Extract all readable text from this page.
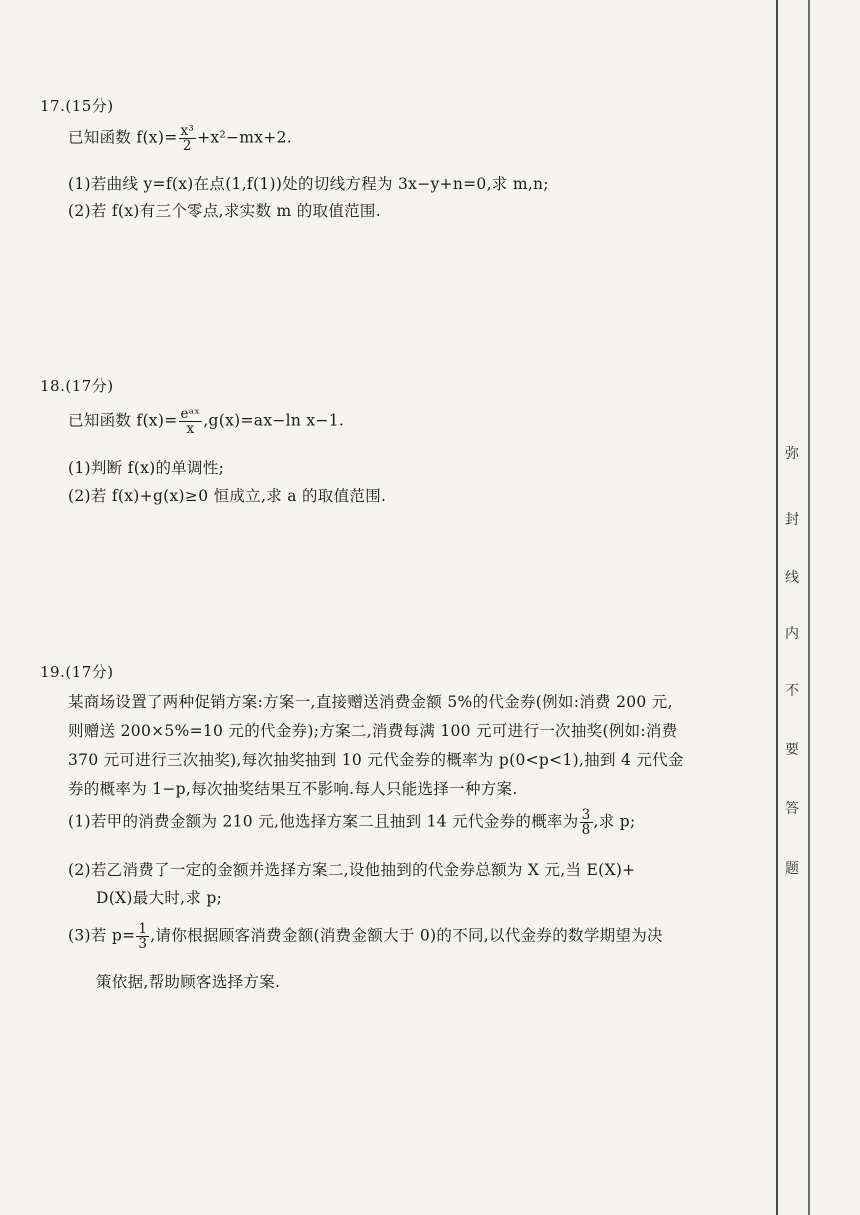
17.(15分)
已知函数 $f(x)= \frac{\text{x³}}{2} +x^2-mx+2$.
(1)若曲线 y=f(x)在点(1,f(1))处的切线方程为 3x−y+n=0,求 m,n;
(2)若 f(x)有三个零点,求实数 m 的取值范围.
18.(17分)
已知函数 $f(x)= \frac{\text{eᵃˣ}}{x} ,g(x)=ax-\ln$ x−1.
(1)判断 f(x)的单调性;
(2)若 f(x)+g(x)≥0 恒成立,求 a 的取值范围.
19.(17分)
某商场设置了两种促销方案:方案一,直接赠送消费金额 5%的代金券(例如:消费 200 元,
则赠送 200×5%=10 元的代金券);方案二,消费每满 100 元可进行一次抽奖(例如:消费
370 元可进行三次抽奖),每次抽奖抽到 10 元代金券的概率为 p(0<p<1),抽到 4 元代金
券的概率为 1−p,每次抽奖结果互不影响.每人只能选择一种方案.
(1)若甲的消费金额为 210 元,他选择方案二且抽到 14 元代金券的概率为 $\frac{3}{8}$ ,求 p;
(2)若乙消费了一定的金额并选择方案二,设他抽到的代金券总额为 X 元,当 E(X)+
D(X)最大时,求 p;
(3)若 $p= \frac{1}{3}$ ,请你根据顾客消费金额(消费金额大于 0)的不同,以代金券的数学期望为决
策依据,帮助顾客选择方案.
弥
封
线
内
不
要
答
题
